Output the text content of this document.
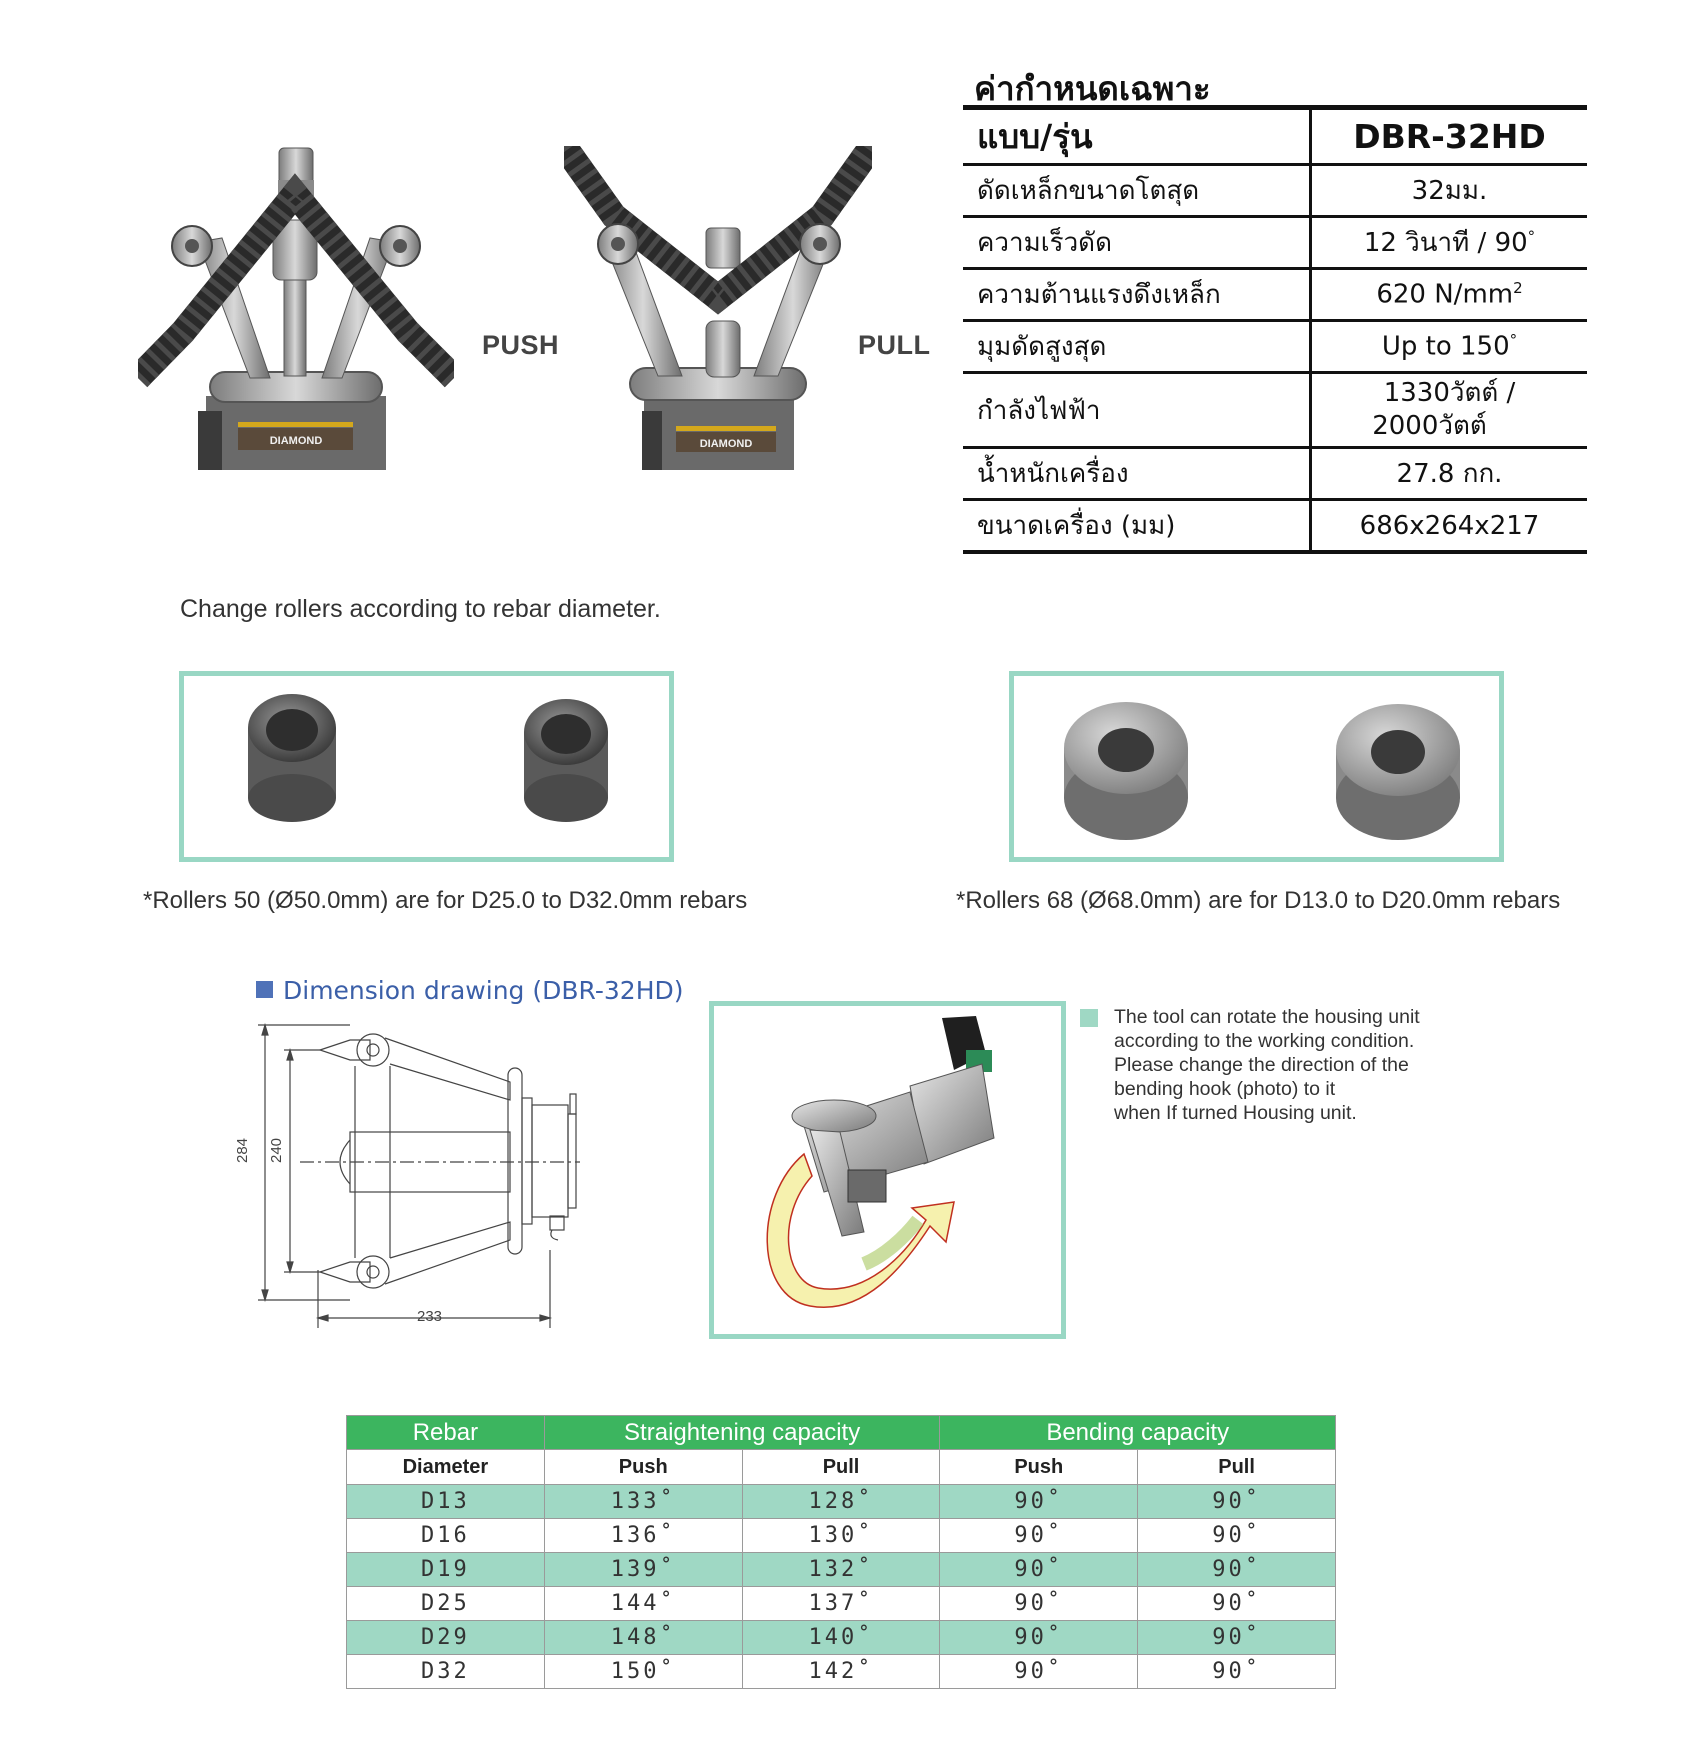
DIAMOND
PUSH
DIAMOND
PULL
ค่ากำหนดเฉพาะ
แบบ/รุ่น	DBR-32HD
ดัดเหล็กขนาดโตสุด	32มม.
ความเร็วดัด	12 วินาที / 90°
ความต้านแรงดึงเหล็ก	620 $N/mm^2$
มุมดัดสูงสุด	Up to 150°
กำลังไฟฟ้า	1330วัตต์ /
2000วัตต์

น้ำหนักเครื่อง	27.8 กก.
ขนาดเครื่อง (มม)	686x264x217
Change rollers according to rebar diameter.
*Rollers 50 (Ø50.0mm) are for D25.0 to D32.0mm rebars	*Rollers 68 (Ø68.0mm) are for D13.0 to D20.0mm rebars
Dimension drawing (DBR-32HD)
284 240
233
The tool can rotate the housing unit
according to the working condition.
Please change the direction of the
bending hook (photo) to it
when If turned Housing unit.
Rebar	Straightening capacity		Bending capacity	
Diameter	Push	Pull	Push	Pull
D13	133˚	128˚	90˚	90˚
D16	136˚	130˚	90˚	90˚
D19	139˚	132˚	90˚	90˚
D25	144˚	137˚	90˚	90˚
D29	148˚	140˚	90˚	90˚
D32	150˚	142˚	90˚	90˚
